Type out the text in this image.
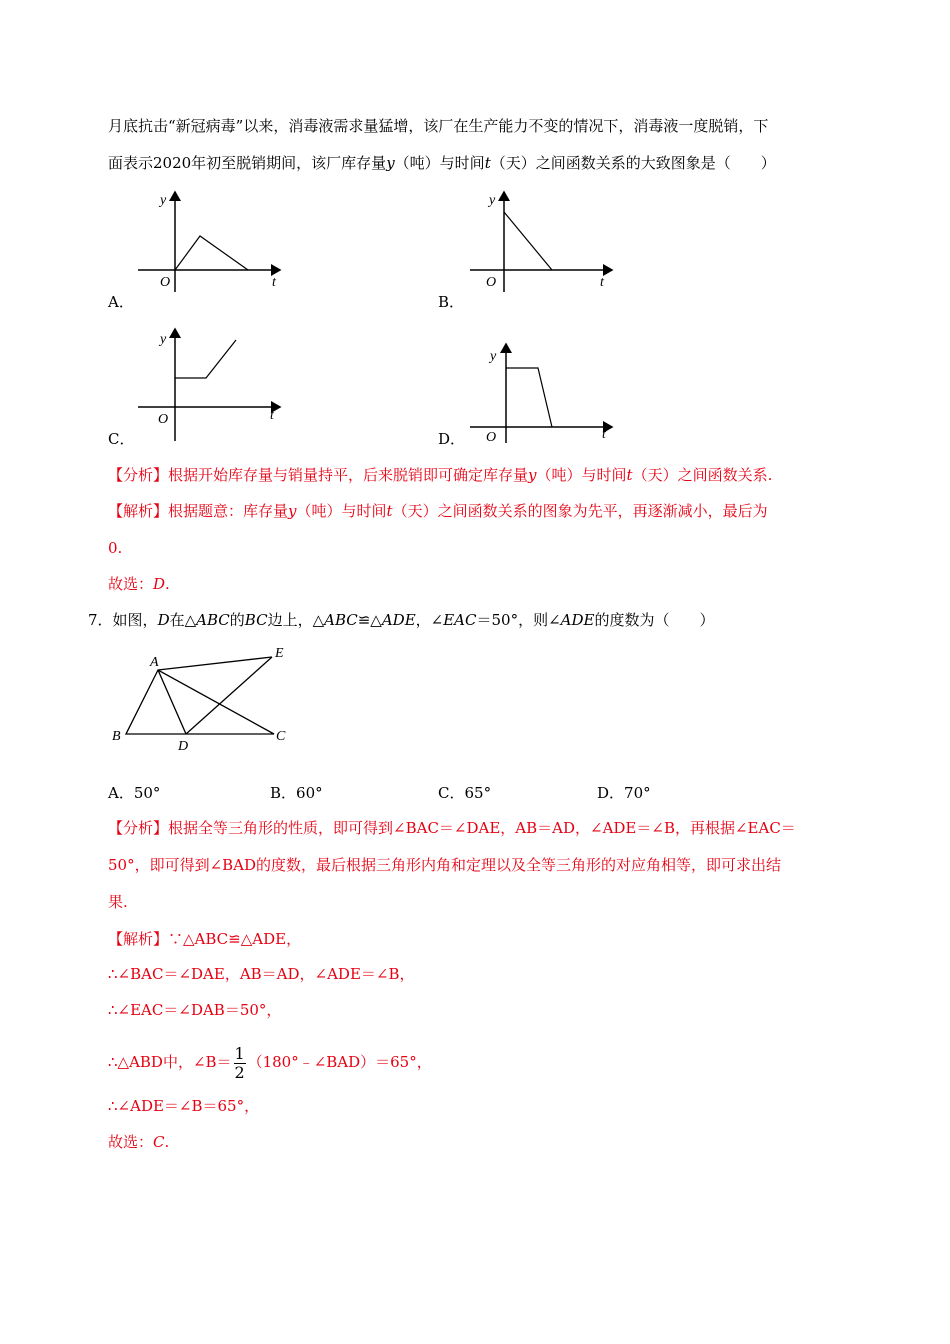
月底抗击“新冠病毒”以来，消毒液需求量猛增，该厂在生产能力不变的情况下，消毒液一度脱销，下
面表示2020年初至脱销期间，该厂库存量y（吨）与时间t（天）之间函数关系的大致图象是（　　）
y
O	t
A．
y
O	t
B．
y
O	t
C．
y
O	t
D．
【分析】根据开始库存量与销量持平，后来脱销即可确定库存量y（吨）与时间t（天）之间函数关系.
【解析】根据题意：库存量y（吨）与时间t（天）之间函数关系的图象为先平，再逐渐减小，最后为
0.
故选：D.
7．如图，D在△ABC的BC边上，△ABC≌△ADE，∠EAC＝50°，则∠ADE的度数为（　　）
A
B	C
D
E
A．50°	B．60°	C．65°	D．70°
【分析】根据全等三角形的性质，即可得到∠BAC＝∠DAE，AB＝AD，∠ADE＝∠B，再根据∠EAC＝
50°，即可得到∠BAD的度数，最后根据三角形内角和定理以及全等三角形的对应角相等，即可求出结
果.
【解析】∵△ABC≌△ADE，
∴∠BAC＝∠DAE，AB＝AD，∠ADE＝∠B，
∴∠EAC＝∠DAB＝50°，
∴△ABD中，∠B＝ $\frac{1}{2}$ （180°﹣∠BAD）＝65°，
∴∠ADE＝∠B＝65°，
故选：C.
